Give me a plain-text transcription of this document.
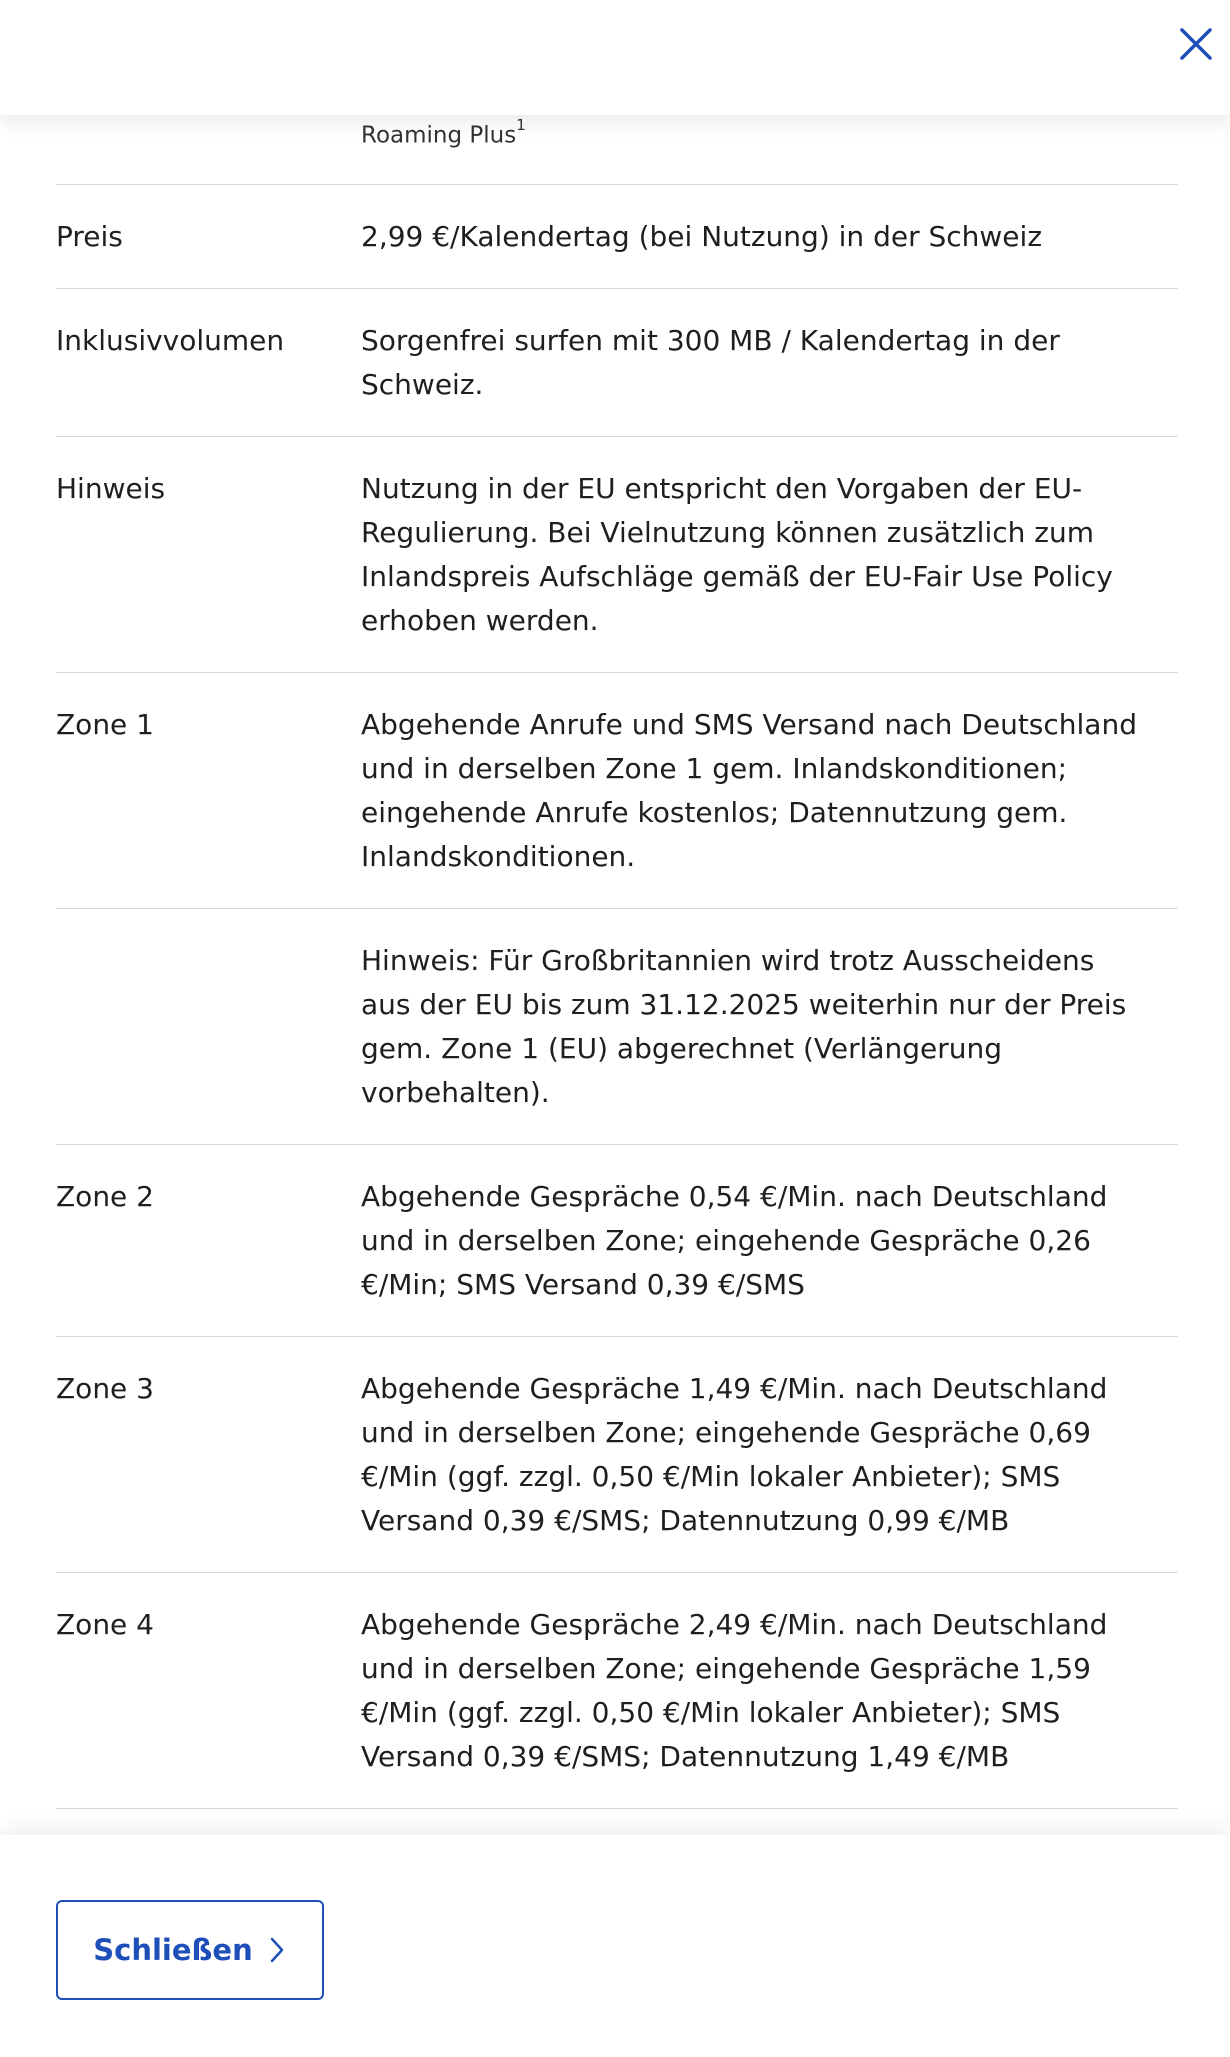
Roaming Plus$^1$
Preis	2,99 €/Kalendertag (bei Nutzung) in der Schweiz
Inklusivvolumen	Sorgenfrei surfen mit 300 MB / Kalendertag in der Schweiz.
Hinweis	Nutzung in der EU entspricht den Vorgaben der EU-Regulierung. Bei Vielnutzung können zusätzlich zum Inlandspreis Aufschläge gemäß der EU-Fair Use Policy erhoben werden.
Zone 1	Abgehende Anrufe und SMS Versand nach Deutschland und in derselben Zone 1 gem. Inlandskonditionen; eingehende Anrufe kostenlos; Datennutzung gem. Inlandskonditionen.
Hinweis: Für Großbritannien wird trotz Ausscheidens aus der EU bis zum 31.12.2025 weiterhin nur der Preis gem. Zone 1 (EU) abgerechnet (Verlängerung vorbehalten).
Zone 2	Abgehende Gespräche 0,54 €/Min. nach Deutschland und in derselben Zone; eingehende Gespräche 0,26 €/Min; SMS Versand 0,39 €/SMS
Zone 3	Abgehende Gespräche 1,49 €/Min. nach Deutschland und in derselben Zone; eingehende Gespräche 0,69 €/Min (ggf. zzgl. 0,50 €/Min lokaler Anbieter); SMS Versand 0,39 €/SMS; Datennutzung 0,99 €/MB
Zone 4	Abgehende Gespräche 2,49 €/Min. nach Deutschland und in derselben Zone; eingehende Gespräche 1,59 €/Min (ggf. zzgl. 0,50 €/Min lokaler Anbieter); SMS Versand 0,39 €/SMS; Datennutzung 1,49 €/MB
Schließen
